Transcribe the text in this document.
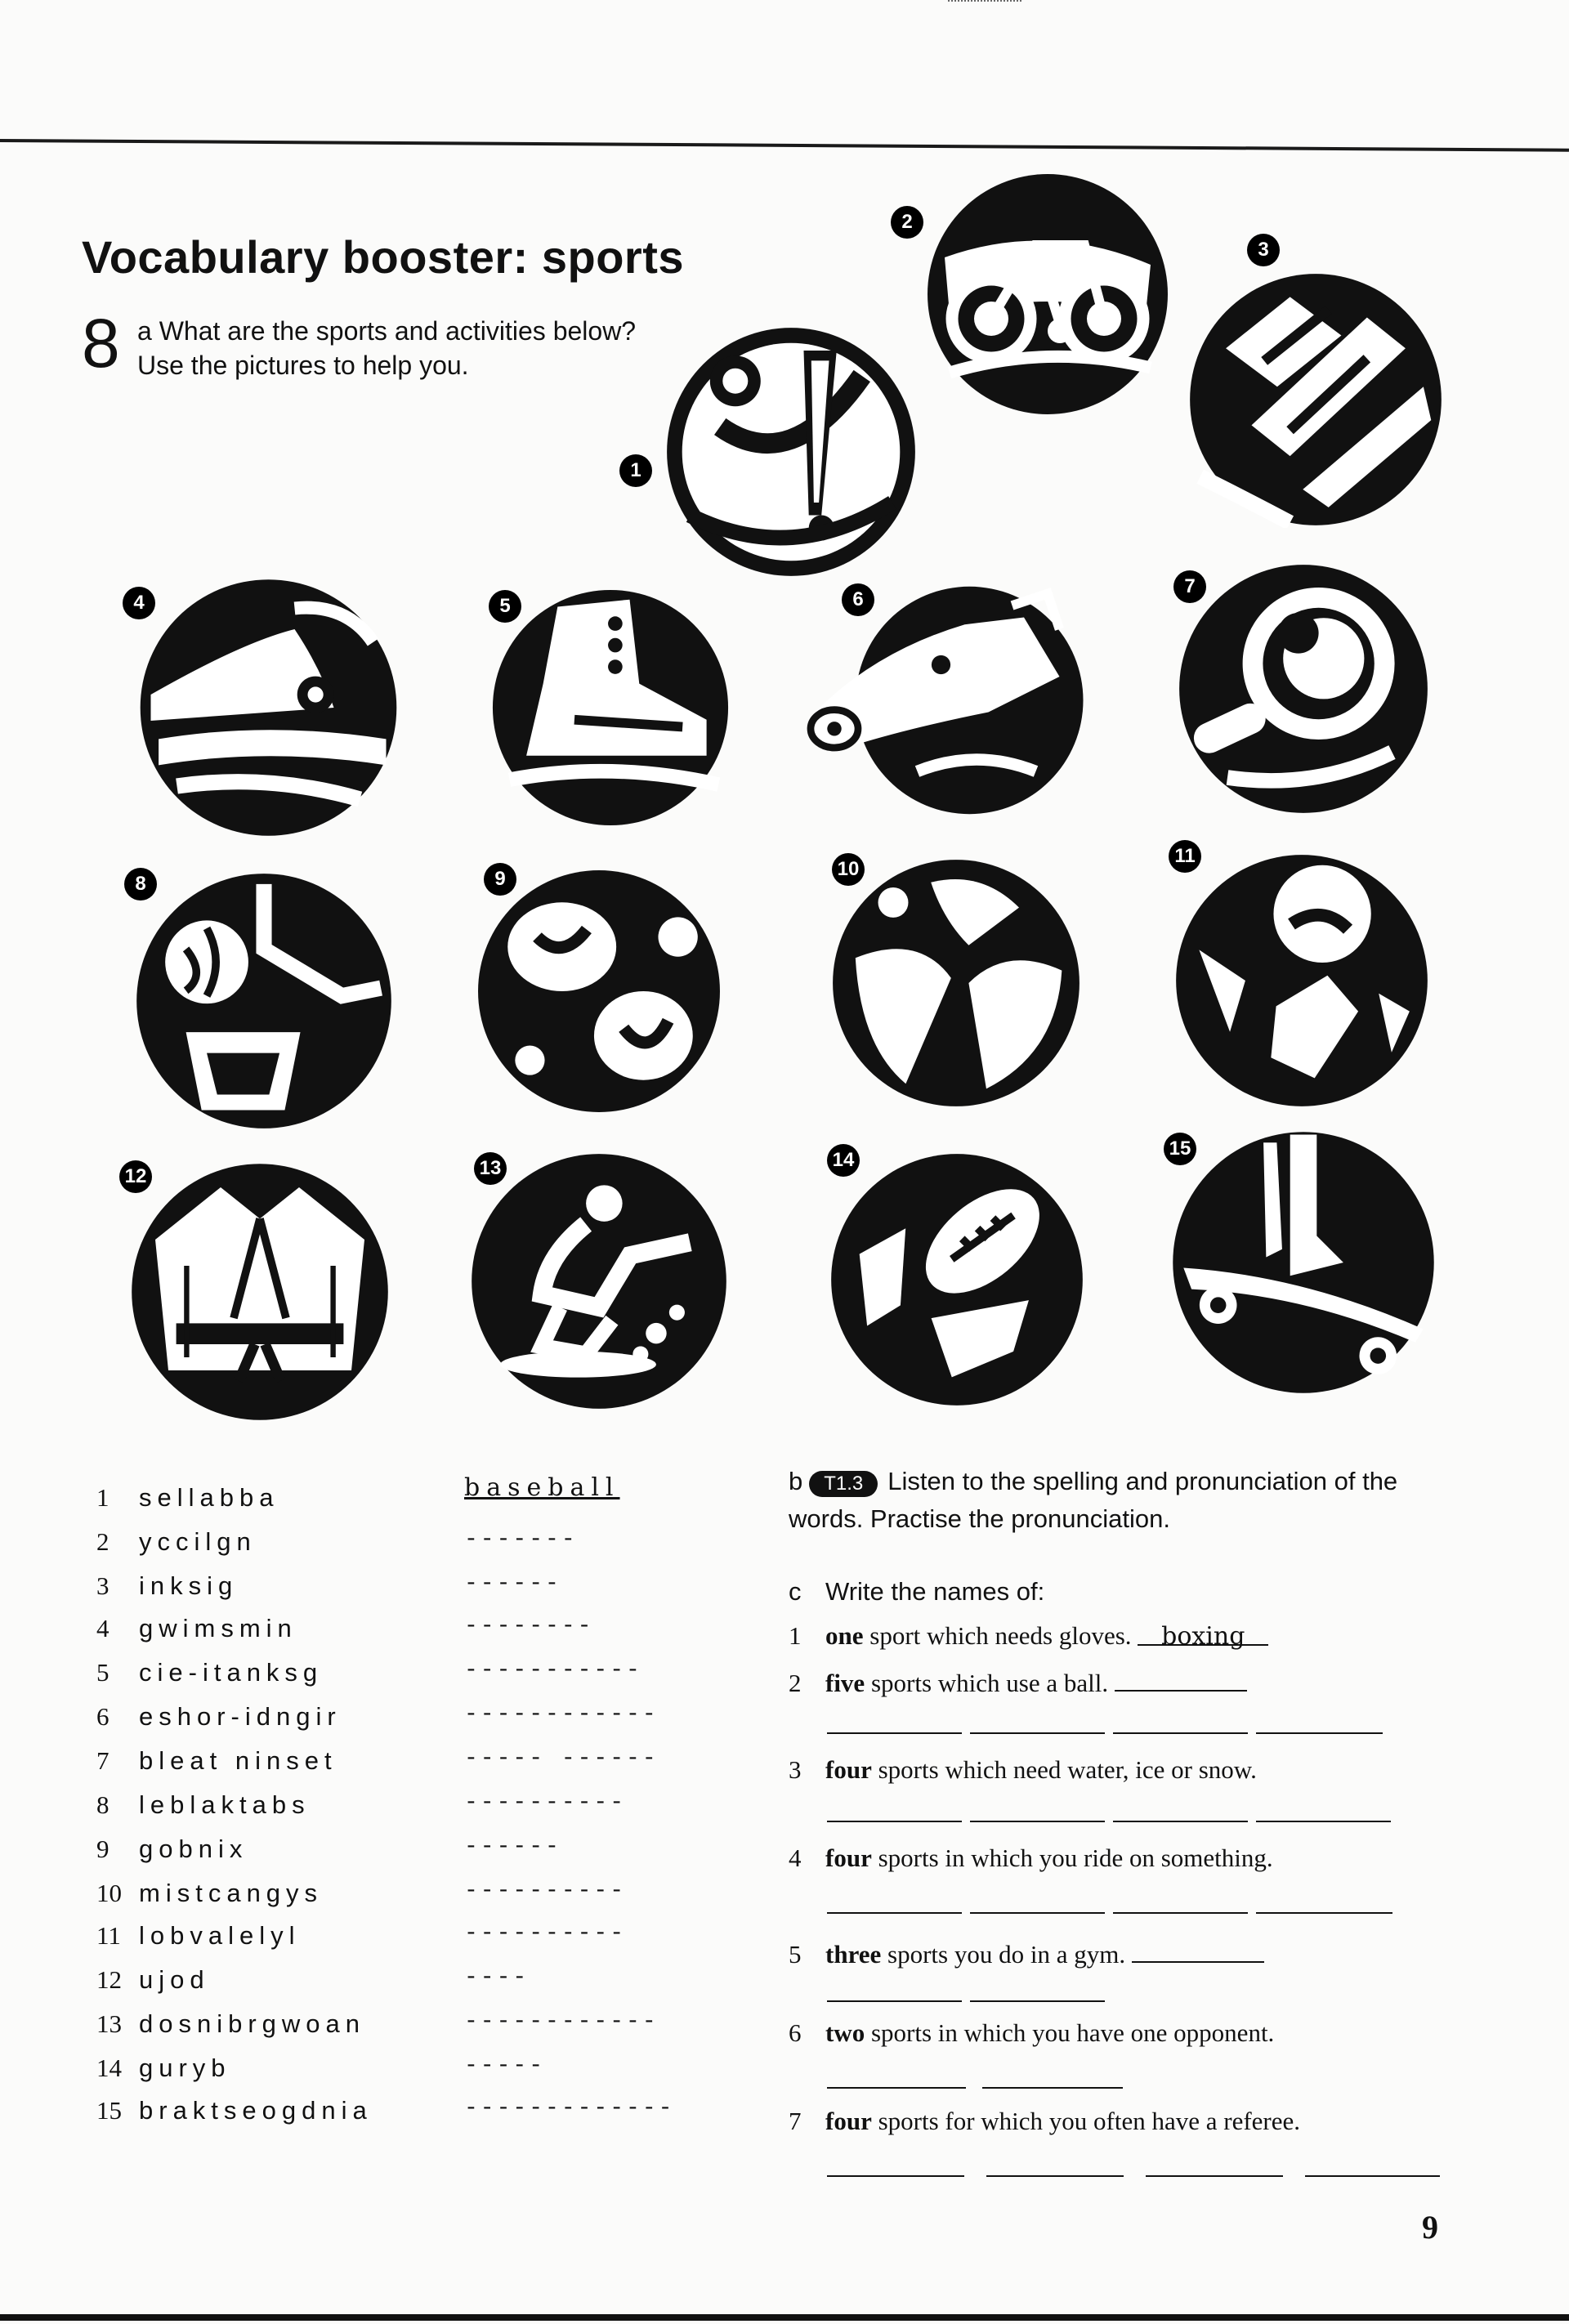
Vocabulary booster: sports
8 a What are the sports and activities below?
Use the pictures to help you.
1
2
3
4	5	6
7
8	9	10
11
12	13	14
15
1	sellabba	baseball
2	yccilgn	-------
3	inksig	------
4	gwimsmin	--------
5	cie-itanksg	---‑-------
6	eshor-idngir	-----‑------
7	bleat ninset	----- ------
8	leblaktabs	----------
9	gobnix	------
10 mistcangys	----------
11 lobvalelyl	----------
12 ujod	----
13 dosnibrgwoan	------------
14 guryb	-----
15 braktseogdnia	-------------
b T1.3 Listen to the spelling and pronunciation of the words. Practise the pronunciation.
c Write the names of:
1 one sport which needs gloves. boxing
2 five sports which use a ball.
3 four sports which need water, ice or snow.
4 four sports in which you ride on something.
5 three sports you do in a gym.
6 two sports in which you have one opponent.
7 four sports for which you often have a referee.
9
